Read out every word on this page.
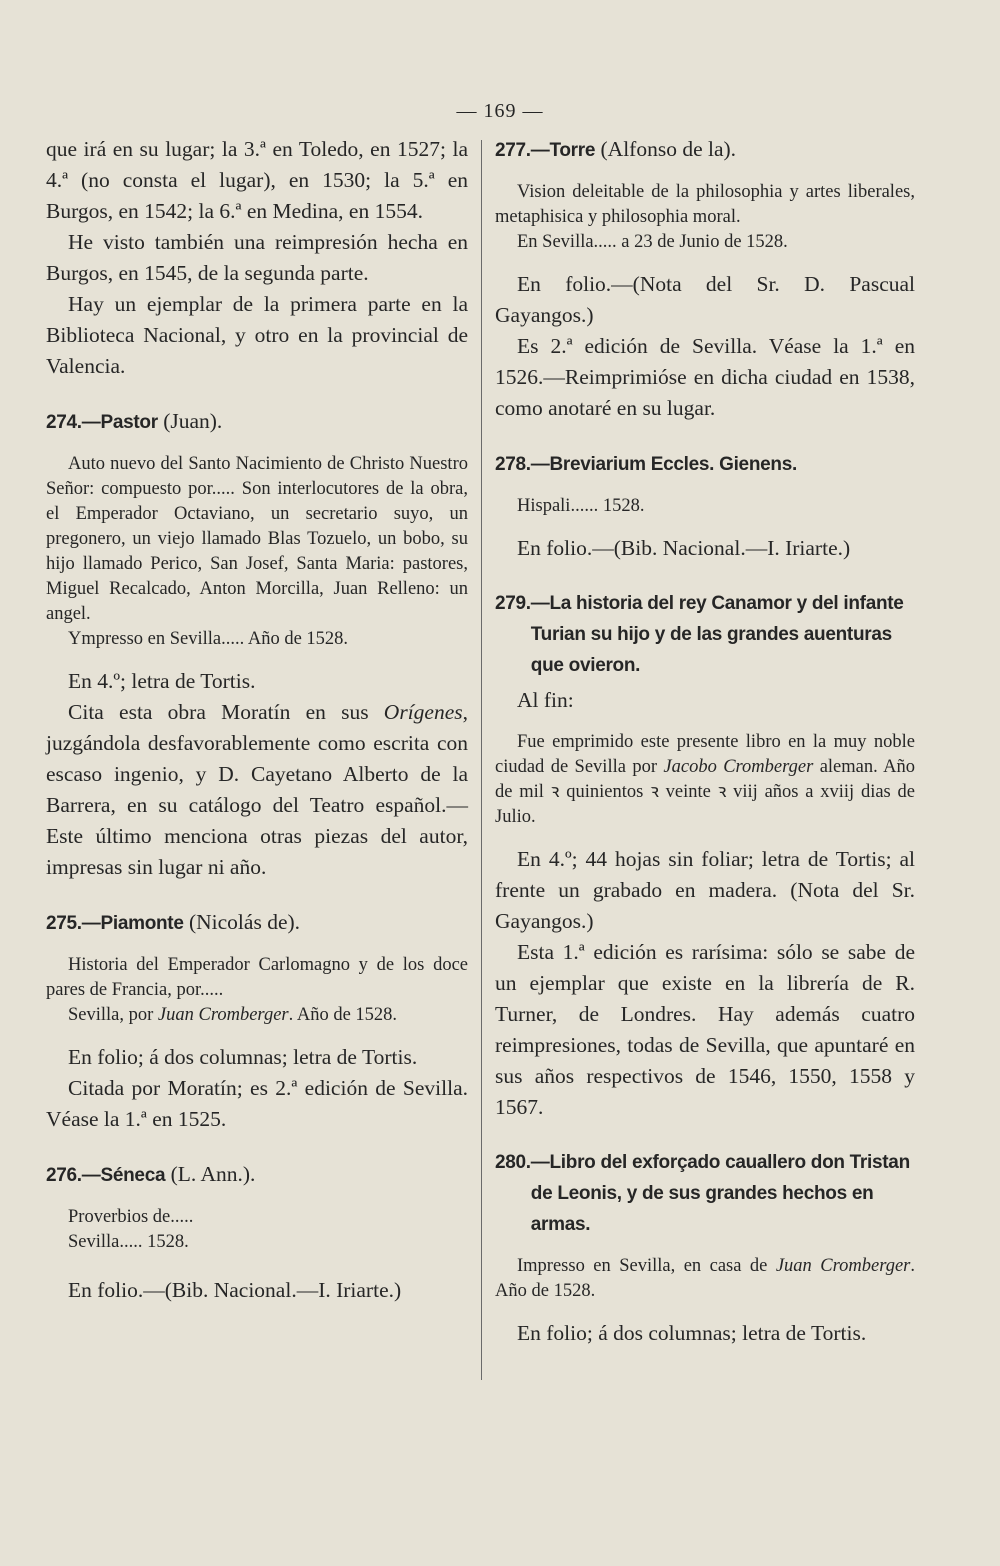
— 169 —

que irá en su lugar; la 3.ª en Toledo, en 1527; la 4.ª (no consta el lugar), en 1530; la 5.ª en Burgos, en 1542; la 6.ª en Medina, en 1554.

He visto también una reimpresión hecha en Burgos, en 1545, de la segunda parte.

Hay un ejemplar de la primera parte en la Biblioteca Nacional, y otro en la provincial de Valencia.

274.—Pastor (Juan).

Auto nuevo del Santo Nacimiento de Christo Nuestro Señor: compuesto por..... Son interlocutores de la obra, el Emperador Octaviano, un secretario suyo, un pregonero, un viejo llamado Blas Tozuelo, un bobo, su hijo llamado Perico, San Josef, Santa Maria: pastores, Miguel Recalcado, Anton Morcilla, Juan Relleno: un angel.

Ympresso en Sevilla..... Año de 1528.

En 4.º; letra de Tortis.

Cita esta obra Moratín en sus Orígenes, juzgándola desfavorablemente como escrita con escaso ingenio, y D. Cayetano Alberto de la Barrera, en su catálogo del Teatro español.—Este último menciona otras piezas del autor, impresas sin lugar ni año.

275.—Piamonte (Nicolás de).

Historia del Emperador Carlomagno y de los doce pares de Francia, por.....

Sevilla, por Juan Cromberger. Año de 1528.

En folio; á dos columnas; letra de Tortis.

Citada por Moratín; es 2.ª edición de Sevilla. Véase la 1.ª en 1525.

276.—Séneca (L. Ann.).

Proverbios de.....

Sevilla..... 1528.

En folio.—(Bib. Nacional.—I. Iriarte.)

277.—Torre (Alfonso de la).

Vision deleitable de la philosophia y artes liberales, metaphisica y philosophia moral.

En Sevilla..... a 23 de Junio de 1528.

En folio.—(Nota del Sr. D. Pascual Gayangos.)

Es 2.ª edición de Sevilla. Véase la 1.ª en 1526.—Reimprimióse en dicha ciudad en 1538, como anotaré en su lugar.

278.—Breviarium Eccles. Gienens.

Hispali...... 1528.

En folio.—(Bib. Nacional.—I. Iriarte.)

279. —La historia del rey Canamor y del infante Turian su hijo y de las grandes auenturas que ovieron.

Al fin:

Fue emprimido este presente libro en la muy noble ciudad de Sevilla por Jacobo Cromberger aleman. Año de mil ꝛ quinientos ꝛ veinte ꝛ viij años a xviij dias de Julio.

En 4.º; 44 hojas sin foliar; letra de Tortis; al frente un grabado en madera. (Nota del Sr. Gayangos.)

Esta 1.ª edición es rarísima: sólo se sabe de un ejemplar que existe en la librería de R. Turner, de Londres. Hay además cuatro reimpresiones, todas de Sevilla, que apuntaré en sus años respectivos de 1546, 1550, 1558 y 1567.

280. —Libro del exforçado cauallero don Tristan de Leonis, y de sus grandes hechos en armas.

Impresso en Sevilla, en casa de Juan Cromberger. Año de 1528.

En folio; á dos columnas; letra de Tortis.
